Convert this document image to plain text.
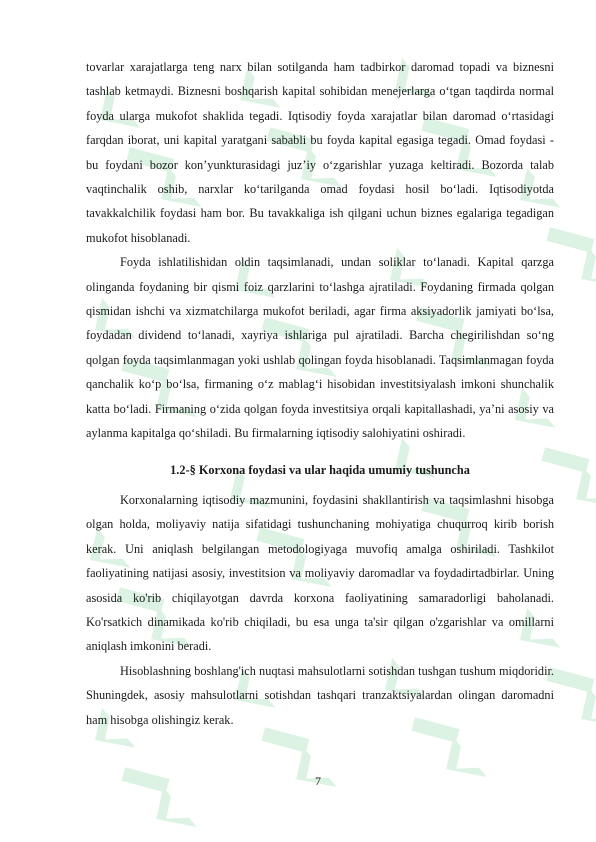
tovarlar xarajatlarga teng narx bilan sotilganda ham tadbirkor daromad topadi va biznesni tashlab ketmaydi. Biznesni boshqarish kapital sohibidan menejerlarga oʻtgan taqdirda normal foyda ularga mukofot shaklida tegadi. Iqtisodiy foyda xarajatlar bilan daromad oʻrtasidagi farqdan iborat, uni kapital yaratgani sababli bu foyda kapital egasiga tegadi. Omad foydasi - bu foydani bozor kon’yunkturasidagi juz’iy oʻzgarishlar yuzaga keltiradi. Bozorda talab vaqtinchalik oshib, narxlar koʻtarilganda omad foydasi hosil boʻladi. Iqtisodiyotda tavakkalchilik foydasi ham bor. Bu tavakkaliga ish qilgani uchun biznes egalariga tegadigan mukofot hisoblanadi.

Foyda ishlatilishidan oldin taqsimlanadi, undan soliklar toʻlanadi. Kapital qarzga olinganda foydaning bir qismi foiz qarzlarini toʻlashga ajratiladi. Foydaning firmada qolgan qismidan ishchi va xizmatchilarga mukofot beriladi, agar firma aksiyadorlik jamiyati boʻlsa, foydadan dividend toʻlanadi, xayriya ishlariga pul ajratiladi. Barcha chegirilishdan soʻng qolgan foyda taqsimlanmagan yoki ushlab qolingan foyda hisoblanadi. Taqsimlanmagan foyda qanchalik koʻp boʻlsa, firmaning oʻz mablagʻi hisobidan investitsiyalash imkoni shunchalik katta boʻladi. Firmaning oʻzida qolgan foyda investitsiya orqali kapitallashadi, ya’ni asosiy va aylanma kapitalga qoʻshiladi. Bu firmalarning iqtisodiy salohiyatini oshiradi.

1.2-§ Korxona foydasi va ular haqida umumiy tushuncha

Korxonalarning iqtisodiy mazmunini, foydasini shakllantirish va taqsimlashni hisobga olgan holda, moliyaviy natija sifatidagi tushunchaning mohiyatiga chuqurroq kirib borish kerak. Uni aniqlash belgilangan metodologiyaga muvofiq amalga oshiriladi. Tashkilot faoliyatining natijasi asosiy, investitsion va moliyaviy daromadlar va foydadirtadbirlar. Uning asosida ko'rib chiqilayotgan davrda korxona faoliyatining samaradorligi baholanadi. Ko'rsatkich dinamikada ko'rib chiqiladi, bu esa unga ta'sir qilgan o'zgarishlar va omillarni aniqlash imkonini beradi.

Hisoblashning boshlang'ich nuqtasi mahsulotlarni sotishdan tushgan tushum miqdoridir. Shuningdek, asosiy mahsulotlarni sotishdan tashqari tranzaktsiyalardan olingan daromadni ham hisobga olishingiz kerak.

7
